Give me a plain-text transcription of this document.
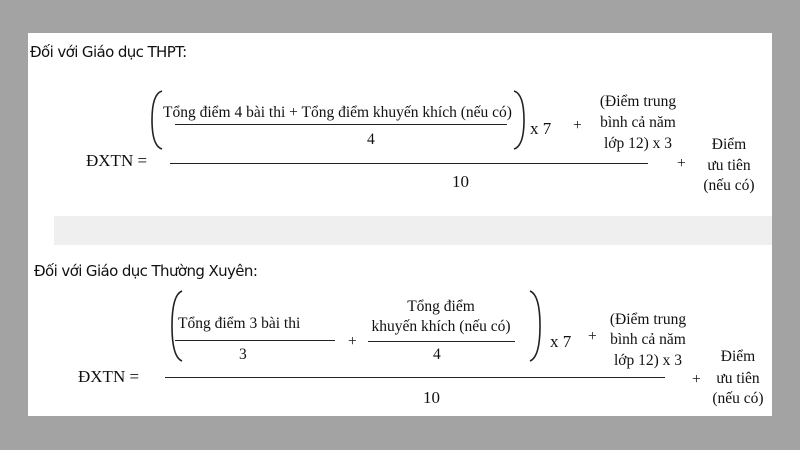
Đối với Giáo dục THPT:
Tổng điểm 4 bài thi + Tổng điểm khuyến khích (nếu có)
4
x 7 +
(Điểm trung
bình cả năm
lớp 12) x 3
ĐXTN =
10
+
Điểm
ưu tiên
(nếu có)
Đối với Giáo dục Thường Xuyên:
Tổng điểm 3 bài thi
3
+
Tổng điểm
khuyến khích (nếu có)
4
x 7 +
(Điểm trung
bình cả năm
lớp 12) x 3
ĐXTN =
10
+
Điểm
ưu tiên
(nếu có)
